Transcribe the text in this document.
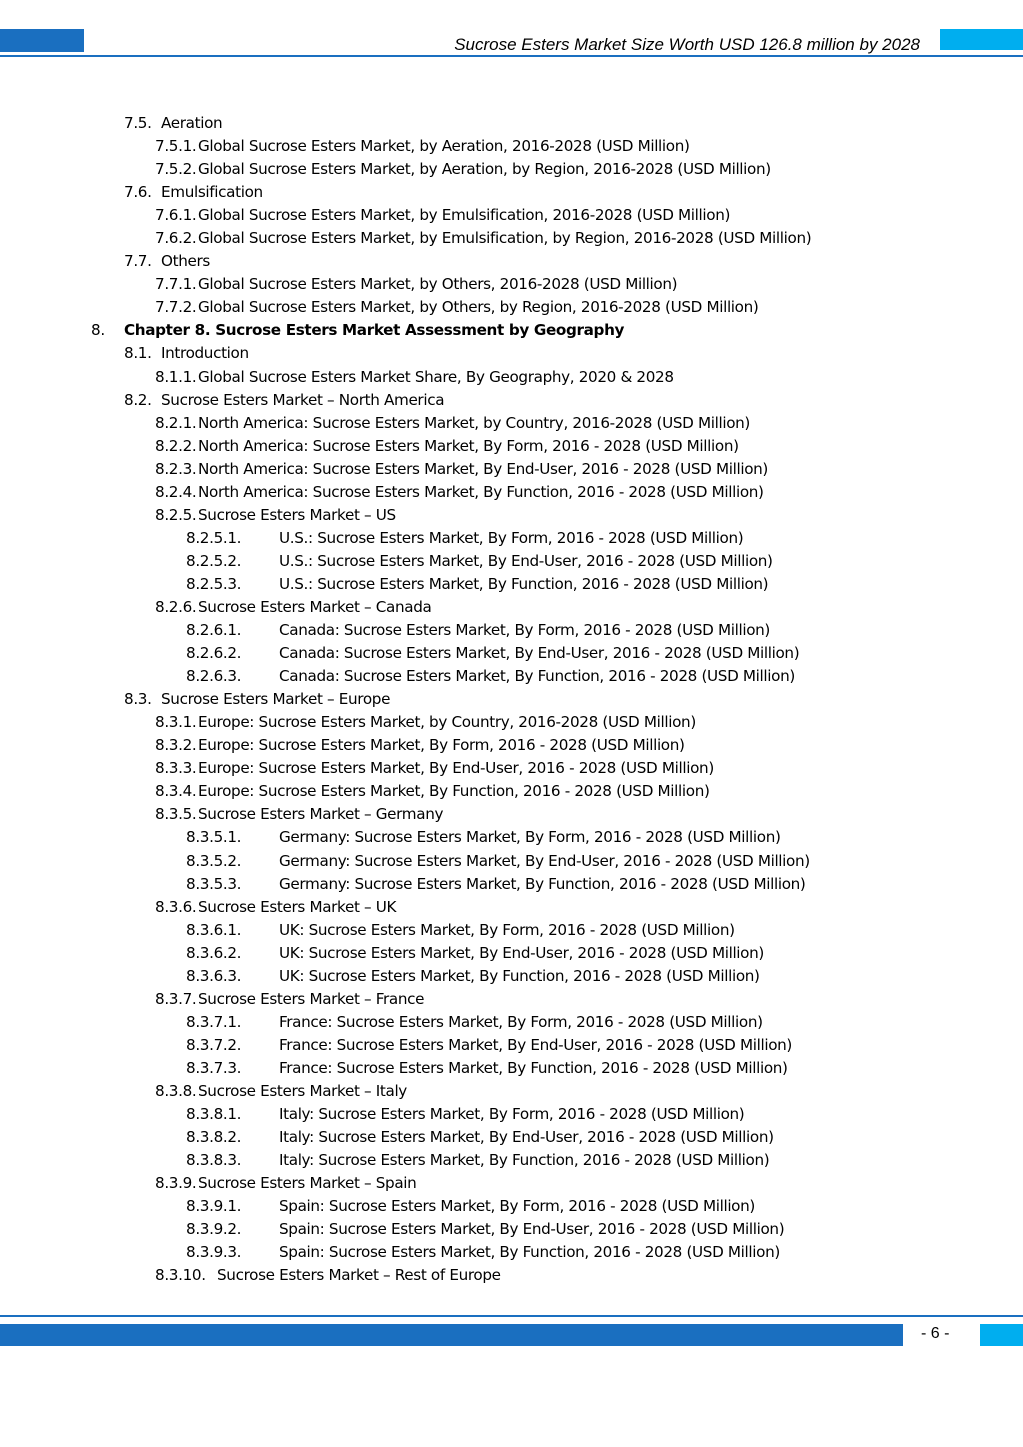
Sucrose Esters Market Size Worth USD 126.8 million by 2028
7.5. Aeration
7.5.1. Global Sucrose Esters Market, by Aeration, 2016-2028 (USD Million)
7.5.2. Global Sucrose Esters Market, by Aeration, by Region, 2016-2028 (USD Million)
7.6. Emulsification
7.6.1. Global Sucrose Esters Market, by Emulsification, 2016-2028 (USD Million)
7.6.2. Global Sucrose Esters Market, by Emulsification, by Region, 2016-2028 (USD Million)
7.7. Others
7.7.1. Global Sucrose Esters Market, by Others, 2016-2028 (USD Million)
7.7.2. Global Sucrose Esters Market, by Others, by Region, 2016-2028 (USD Million)
8. Chapter 8. Sucrose Esters Market Assessment by Geography
8.1. Introduction
8.1.1. Global Sucrose Esters Market Share, By Geography, 2020 & 2028
8.2. Sucrose Esters Market – North America
8.2.1. North America: Sucrose Esters Market, by Country, 2016-2028 (USD Million)
8.2.2. North America: Sucrose Esters Market, By Form, 2016 - 2028 (USD Million)
8.2.3. North America: Sucrose Esters Market, By End-User, 2016 - 2028 (USD Million)
8.2.4. North America: Sucrose Esters Market, By Function, 2016 - 2028 (USD Million)
8.2.5. Sucrose Esters Market – US
8.2.5.1. U.S.: Sucrose Esters Market, By Form, 2016 - 2028 (USD Million)
8.2.5.2. U.S.: Sucrose Esters Market, By End-User, 2016 - 2028 (USD Million)
8.2.5.3. U.S.: Sucrose Esters Market, By Function, 2016 - 2028 (USD Million)
8.2.6. Sucrose Esters Market – Canada
8.2.6.1. Canada: Sucrose Esters Market, By Form, 2016 - 2028 (USD Million)
8.2.6.2. Canada: Sucrose Esters Market, By End-User, 2016 - 2028 (USD Million)
8.2.6.3. Canada: Sucrose Esters Market, By Function, 2016 - 2028 (USD Million)
8.3. Sucrose Esters Market – Europe
8.3.1. Europe: Sucrose Esters Market, by Country, 2016-2028 (USD Million)
8.3.2. Europe: Sucrose Esters Market, By Form, 2016 - 2028 (USD Million)
8.3.3. Europe: Sucrose Esters Market, By End-User, 2016 - 2028 (USD Million)
8.3.4. Europe: Sucrose Esters Market, By Function, 2016 - 2028 (USD Million)
8.3.5. Sucrose Esters Market – Germany
8.3.5.1. Germany: Sucrose Esters Market, By Form, 2016 - 2028 (USD Million)
8.3.5.2. Germany: Sucrose Esters Market, By End-User, 2016 - 2028 (USD Million)
8.3.5.3. Germany: Sucrose Esters Market, By Function, 2016 - 2028 (USD Million)
8.3.6. Sucrose Esters Market – UK
8.3.6.1. UK: Sucrose Esters Market, By Form, 2016 - 2028 (USD Million)
8.3.6.2. UK: Sucrose Esters Market, By End-User, 2016 - 2028 (USD Million)
8.3.6.3. UK: Sucrose Esters Market, By Function, 2016 - 2028 (USD Million)
8.3.7. Sucrose Esters Market – France
8.3.7.1. France: Sucrose Esters Market, By Form, 2016 - 2028 (USD Million)
8.3.7.2. France: Sucrose Esters Market, By End-User, 2016 - 2028 (USD Million)
8.3.7.3. France: Sucrose Esters Market, By Function, 2016 - 2028 (USD Million)
8.3.8. Sucrose Esters Market – Italy
8.3.8.1. Italy: Sucrose Esters Market, By Form, 2016 - 2028 (USD Million)
8.3.8.2. Italy: Sucrose Esters Market, By End-User, 2016 - 2028 (USD Million)
8.3.8.3. Italy: Sucrose Esters Market, By Function, 2016 - 2028 (USD Million)
8.3.9. Sucrose Esters Market – Spain
8.3.9.1. Spain: Sucrose Esters Market, By Form, 2016 - 2028 (USD Million)
8.3.9.2. Spain: Sucrose Esters Market, By End-User, 2016 - 2028 (USD Million)
8.3.9.3. Spain: Sucrose Esters Market, By Function, 2016 - 2028 (USD Million)
8.3.10. Sucrose Esters Market – Rest of Europe
- 6 -
